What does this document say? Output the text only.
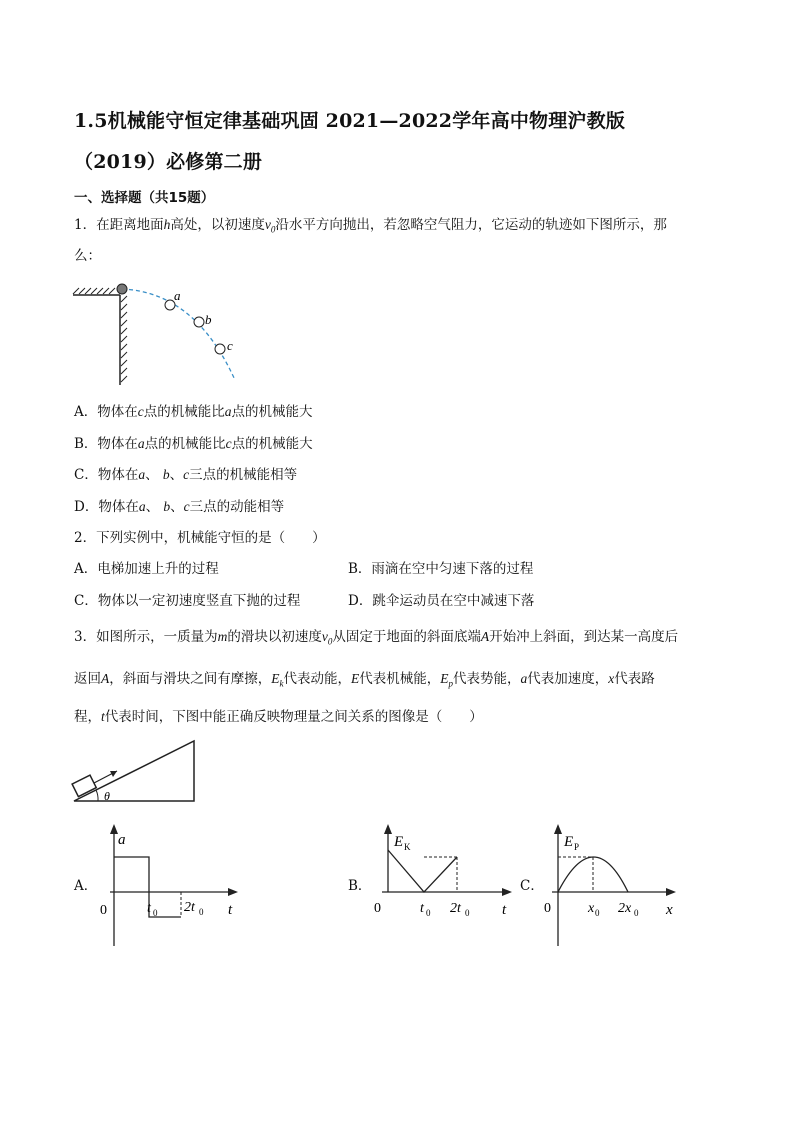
1.5机械能守恒定律基础巩固 2021—2022学年高中物理沪教版
（2019）必修第二册
一、选择题（共15题）
1．在距离地面h高处，以初速度$v_0$沿水平方向抛出，若忽略空气阻力，它运动的轨迹如下图所示，那
么：
a
b
c
A．物体在c点的机械能比a点的机械能大
B．物体在a点的机械能比c点的机械能大
C．物体在a、 b、c三点的机械能相等
D．物体在a、 b、c三点的动能相等
2．下列实例中，机械能守恒的是（　　）
A．电梯加速上升的过程	B．雨滴在空中匀速下落的过程
C．物体以一定初速度竖直下抛的过程	D．跳伞运动员在空中减速下落
3．如图所示，一质量为m的滑块以初速度$v_0$从固定于地面的斜面底端A开始冲上斜面，到达某一高度后
返回A，斜面与滑块之间有摩擦，$E_k$代表动能，E代表机械能，$E_p$代表势能，a代表加速度，x代表路
程，t代表时间，下图中能正确反映物理量之间关系的图像是（　　）
θ
A．
a
0	t 0 2t 0 t
B．
E K
0	t 0 2t 0 t
C．
E P
0	x 0 2x 0 x
